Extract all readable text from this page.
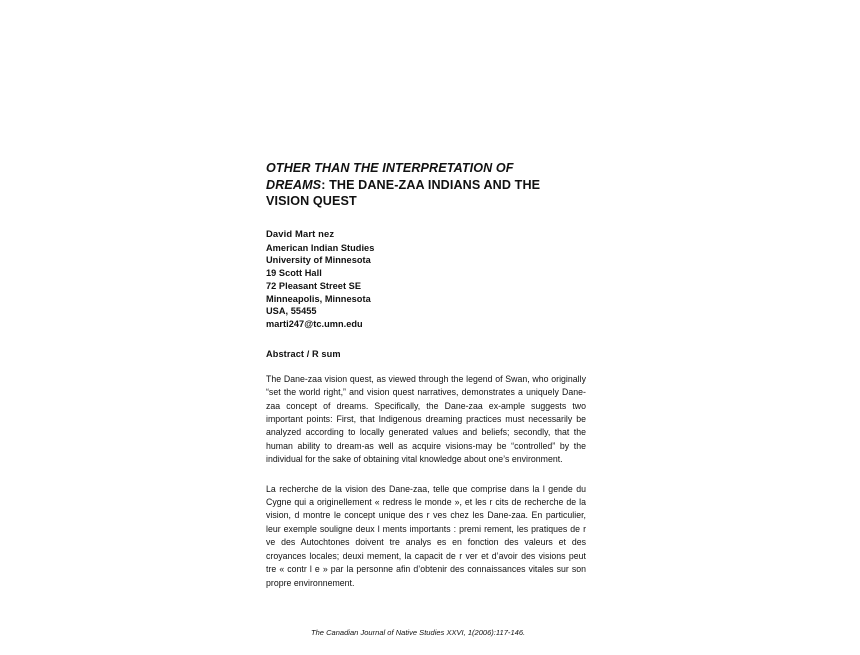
OTHER THAN THE INTERPRETATION OF
DREAMS: THE DANE-ZAA INDIANS AND THE
VISION QUEST
David Mart nez
American Indian Studies
University of Minnesota
19 Scott Hall
72 Pleasant Street SE
Minneapolis, Minnesota
USA, 55455
marti247@tc.umn.edu
Abstract / R sum

The Dane-zaa vision quest, as viewed through the legend of Swan, who originally “set the world right,” and vision quest narratives, demonstrates a uniquely Dane-zaa concept of dreams. Specifically, the Dane-zaa ex-ample suggests two important points: First, that Indigenous dreaming practices must necessarily be analyzed according to locally generated values and beliefs; secondly, that the human ability to dream-as well as acquire visions-may be “controlled” by the individual for the sake of obtaining vital knowledge about one’s environment.

La recherche de la vision des Dane-zaa, telle que comprise dans la l gende du Cygne qui a originellement « redress le monde », et les r cits de recherche de la vision, d montre le concept unique des r ves chez les Dane-zaa. En particulier, leur exemple souligne deux l ments importants : premi rement, les pratiques de r ve des Autochtones doivent tre analys es en fonction des valeurs et des croyances locales; deuxi mement, la capacit de r ver et d’avoir des visions peut tre « contr l e » par la personne afin d’obtenir des connaissances vitales sur son propre environnement.

The Canadian Journal of Native Studies XXVI, 1(2006):117-146.
